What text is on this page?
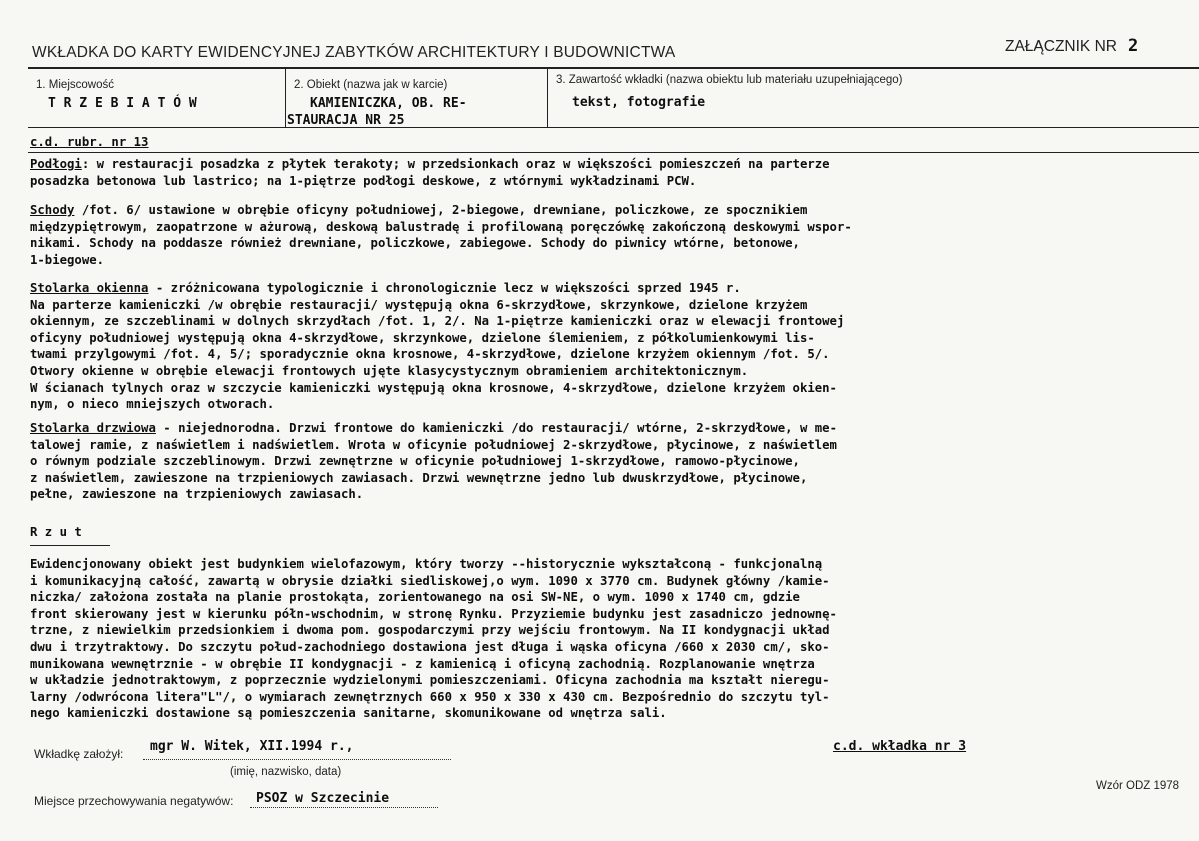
WKŁADKA DO KARTY EWIDENCYJNEJ ZABYTKÓW ARCHITEKTURY I BUDOWNICTWA	ZAŁĄCZNIK NR 2
1. Miejscowość
T R Z E B I A T Ó W
2. Obiekt (nazwa jak w karcie)
KAMIENICZKA, OB. RE-
STAURACJA NR 25
3. Zawartość wkładki (nazwa obiektu lub materiału uzupełniającego)
tekst, fotografie
c.d. rubr. nr 13
Podłogi: w restauracji posadzka z płytek terakoty; w przedsionkach oraz w większości pomieszczeń na parterze
posadzka betonowa lub lastrico; na 1-piętrze podłogi deskowe, z wtórnymi wykładzinami PCW.
Schody /fot. 6/ ustawione w obrębie oficyny południowej, 2-biegowe, drewniane, policzkowe, ze spocznikiem
międzypiętrowym, zaopatrzone w ażurową, deskową balustradę i profilowaną poręczówkę zakończoną deskowymi wspor-
nikami. Schody na poddasze również drewniane, policzkowe, zabiegowe. Schody do piwnicy wtórne, betonowe,
1-biegowe.
Stolarka okienna - zróżnicowana typologicznie i chronologicznie lecz w większości sprzed 1945 r.
Na parterze kamieniczki /w obrębie restauracji/ występują okna 6-skrzydłowe, skrzynkowe, dzielone krzyżem
okiennym, ze szczeblinami w dolnych skrzydłach /fot. 1, 2/. Na 1-piętrze kamieniczki oraz w elewacji frontowej
oficyny południowej występują okna 4-skrzydłowe, skrzynkowe, dzielone ślemieniem, z półkolumienkowymi lis-
twami przylgowymi /fot. 4, 5/; sporadycznie okna krosnowe, 4-skrzydłowe, dzielone krzyżem okiennym /fot. 5/.
Otwory okienne w obrębie elewacji frontowych ujęte klasycystycznym obramieniem architektonicznym.
W ścianach tylnych oraz w szczycie kamieniczki występują okna krosnowe, 4-skrzydłowe, dzielone krzyżem okien-
nym, o nieco mniejszych otworach.
Stolarka drzwiowa - niejednorodna. Drzwi frontowe do kamieniczki /do restauracji/ wtórne, 2-skrzydłowe, w me-
talowej ramie, z naświetlem i nadświetlem. Wrota w oficynie południowej 2-skrzydłowe, płycinowe, z naświetlem
o równym podziale szczeblinowym. Drzwi zewnętrzne w oficynie południowej 1-skrzydłowe, ramowo-płycinowe,
z naświetlem, zawieszone na trzpieniowych zawiasach. Drzwi wewnętrzne jedno lub dwuskrzydłowe, płycinowe,
pełne, zawieszone na trzpieniowych zawiasach.
R z u t
Ewidencjonowany obiekt jest budynkiem wielofazowym, który tworzy --historycznie wykształconą - funkcjonalną
i komunikacyjną całość, zawartą w obrysie działki siedliskowej,o wym. 1090 x 3770 cm. Budynek główny /kamie-
niczka/ założona została na planie prostokąta, zorientowanego na osi SW-NE, o wym. 1090 x 1740 cm, gdzie
front skierowany jest w kierunku półn-wschodnim, w stronę Rynku. Przyziemie budynku jest zasadniczo jednownę-
trzne, z niewielkim przedsionkiem i dwoma pom. gospodarczymi przy wejściu frontowym. Na II kondygnacji układ
dwu i trzytraktowy. Do szczytu połud-zachodniego dostawiona jest długa i wąska oficyna /660 x 2030 cm/, sko-
munikowana wewnętrznie - w obrębie II kondygnacji - z kamienicą i oficyną zachodnią. Rozplanowanie wnętrza
w układzie jednotraktowym, z poprzecznie wydzielonymi pomieszczeniami. Oficyna zachodnia ma kształt nieregu-
larny /odwrócona litera"L"/, o wymiarach zewnętrznych 660 x 950 x 330 x 430 cm. Bezpośrednio do szczytu tyl-
nego kamieniczki dostawione są pomieszczenia sanitarne, skomunikowane od wnętrza sali.
Wkładkę założył: mgr W. Witek, XII.1994 r.,
(imię, nazwisko, data)
c.d. wkładka nr 3
Wzór ODZ 1978
Miejsce przechowywania negatywów: PSOZ w Szczecinie
